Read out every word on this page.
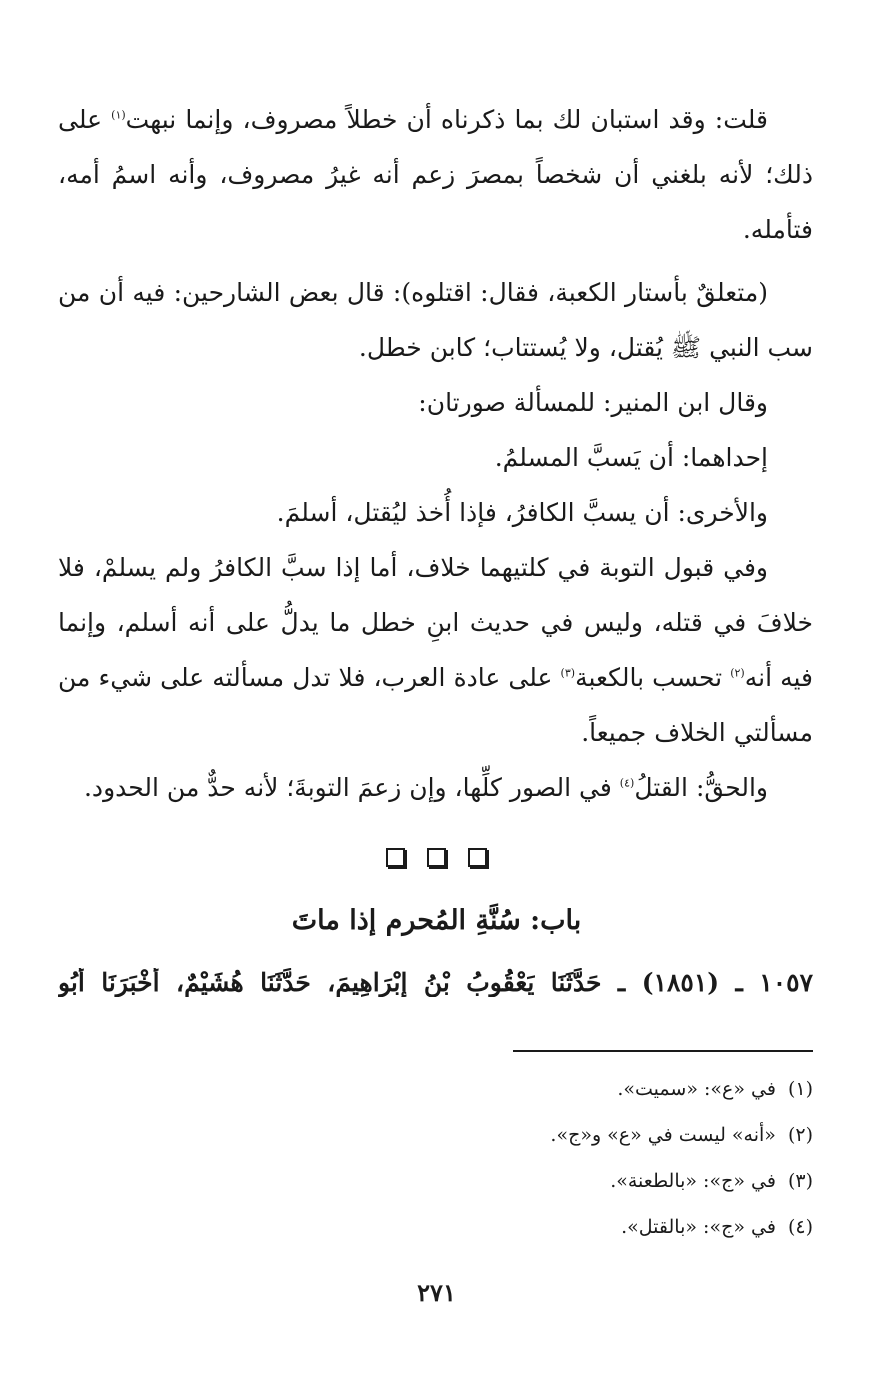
قلت: وقد استبان لك بما ذكرناه أن خطلاً مصروف، وإنما نبهت$^{(١)}$ على ذلك؛ لأنه بلغني أن شخصاً بمصرَ زعم أنه غيرُ مصروف، وأنه اسمُ أمه، فتأمله.

(متعلقٌ بأستار الكعبة، فقال: اقتلوه): قال بعض الشارحين: فيه أن من سب النبي ﷺ يُقتل، ولا يُستتاب؛ كابن خطل.

وقال ابن المنير: للمسألة صورتان:

إحداهما: أن يَسبَّ المسلمُ.

والأخرى: أن يسبَّ الكافرُ، فإذا أُخذ ليُقتل، أسلمَ.

وفي قبول التوبة في كلتيهما خلاف، أما إذا سبَّ الكافرُ ولم يسلمْ، فلا خلافَ في قتله، وليس في حديث ابنِ خطل ما يدلُّ على أنه أسلم، وإنما فيه أنه$^{(٢)}$ تحسب بالكعبة$^{(٣)}$ على عادة العرب، فلا تدل مسألته على شيء من مسألتي الخلاف جميعاً.

والحقُّ: القتلُ$^{(٤)}$ في الصور كلِّها، وإن زعمَ التوبةَ؛ لأنه حدٌّ من الحدود.

باب: سُنَّةِ المُحرم إذا ماتَ
١٠٥٧ ـ (١٨٥١) ـ حَدَّثَنَا يَعْقُوبُ بْنُ إِبْرَاهِيمَ، حَدَّثَنَا هُشَيْمٌ، أَخْبَرَنَا أَبُو

(١)في «ع»: «سميت».

(٢)«أنه» ليست في «ع» و«ج».

(٣)في «ج»: «بالطعنة».

(٤)في «ج»: «بالقتل».

٢٧١
